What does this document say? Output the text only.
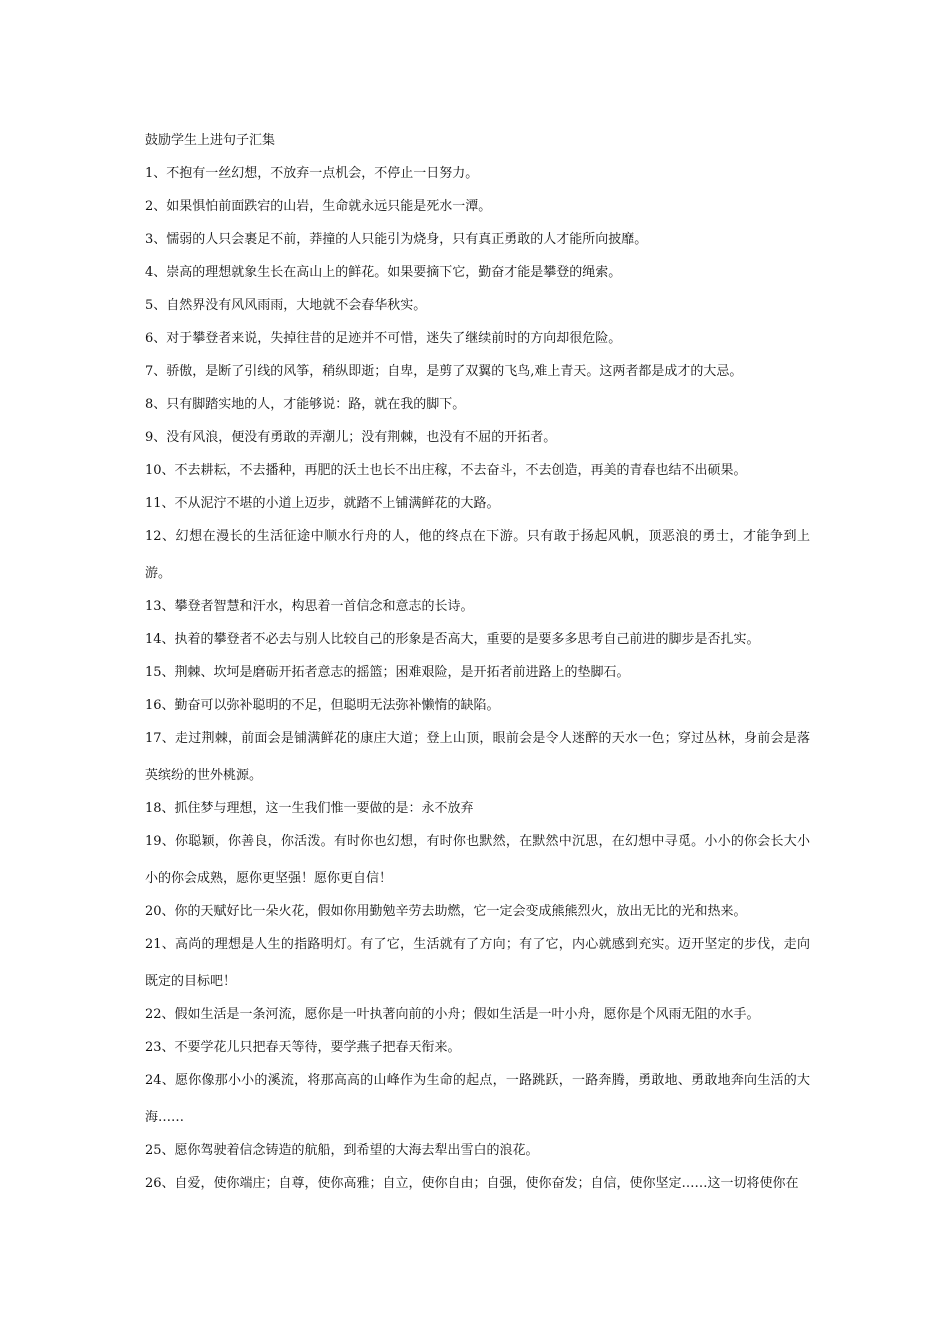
鼓励学生上进句子汇集

1、不抱有一丝幻想，不放弃一点机会，不停止一日努力。

2、如果惧怕前面跌宕的山岩，生命就永远只能是死水一潭。

3、懦弱的人只会裹足不前，莽撞的人只能引为烧身，只有真正勇敢的人才能所向披靡。

4、崇高的理想就象生长在高山上的鲜花。如果要摘下它，勤奋才能是攀登的绳索。

5、自然界没有风风雨雨，大地就不会春华秋实。

6、对于攀登者来说，失掉往昔的足迹并不可惜，迷失了继续前时的方向却很危险。

7、骄傲，是断了引线的风筝，稍纵即逝；自卑，是剪了双翼的飞鸟,难上青天。这两者都是成才的大忌。

8、只有脚踏实地的人，才能够说：路，就在我的脚下。

9、没有风浪，便没有勇敢的弄潮儿；没有荆棘，也没有不屈的开拓者。

10、不去耕耘，不去播种，再肥的沃土也长不出庄稼，不去奋斗，不去创造，再美的青春也结不出硕果。

11、不从泥泞不堪的小道上迈步，就踏不上铺满鲜花的大路。

12、幻想在漫长的生活征途中顺水行舟的人，他的终点在下游。只有敢于扬起风帆，顶恶浪的勇士，才能争到上游。

13、攀登者智慧和汗水，构思着一首信念和意志的长诗。

14、执着的攀登者不必去与别人比较自己的形象是否高大，重要的是要多多思考自己前进的脚步是否扎实。

15、荆棘、坎坷是磨砺开拓者意志的摇篮；困难艰险，是开拓者前进路上的垫脚石。

16、勤奋可以弥补聪明的不足，但聪明无法弥补懒惰的缺陷。

17、走过荆棘，前面会是铺满鲜花的康庄大道；登上山顶，眼前会是令人迷醉的天水一色；穿过丛林，身前会是落英缤纷的世外桃源。

18、抓住梦与理想，这一生我们惟一要做的是：永不放弃

19、你聪颖，你善良，你活泼。有时你也幻想，有时你也默然，在默然中沉思，在幻想中寻觅。小小的你会长大小小的你会成熟，愿你更坚强！愿你更自信！

20、你的天赋好比一朵火花，假如你用勤勉辛劳去助燃，它一定会变成熊熊烈火，放出无比的光和热来。

21、高尚的理想是人生的指路明灯。有了它，生活就有了方向；有了它，内心就感到充实。迈开坚定的步伐，走向既定的目标吧！

22、假如生活是一条河流，愿你是一叶执著向前的小舟；假如生活是一叶小舟，愿你是个风雨无阻的水手。

23、不要学花儿只把春天等待，要学燕子把春天衔来。

24、愿你像那小小的溪流，将那高高的山峰作为生命的起点，一路跳跃，一路奔腾，勇敢地、勇敢地奔向生活的大海……

25、愿你驾驶着信念铸造的航船，到希望的大海去犁出雪白的浪花。

26、自爱，使你端庄；自尊，使你高雅；自立，使你自由；自强，使你奋发；自信，使你坚定……这一切将使你在
